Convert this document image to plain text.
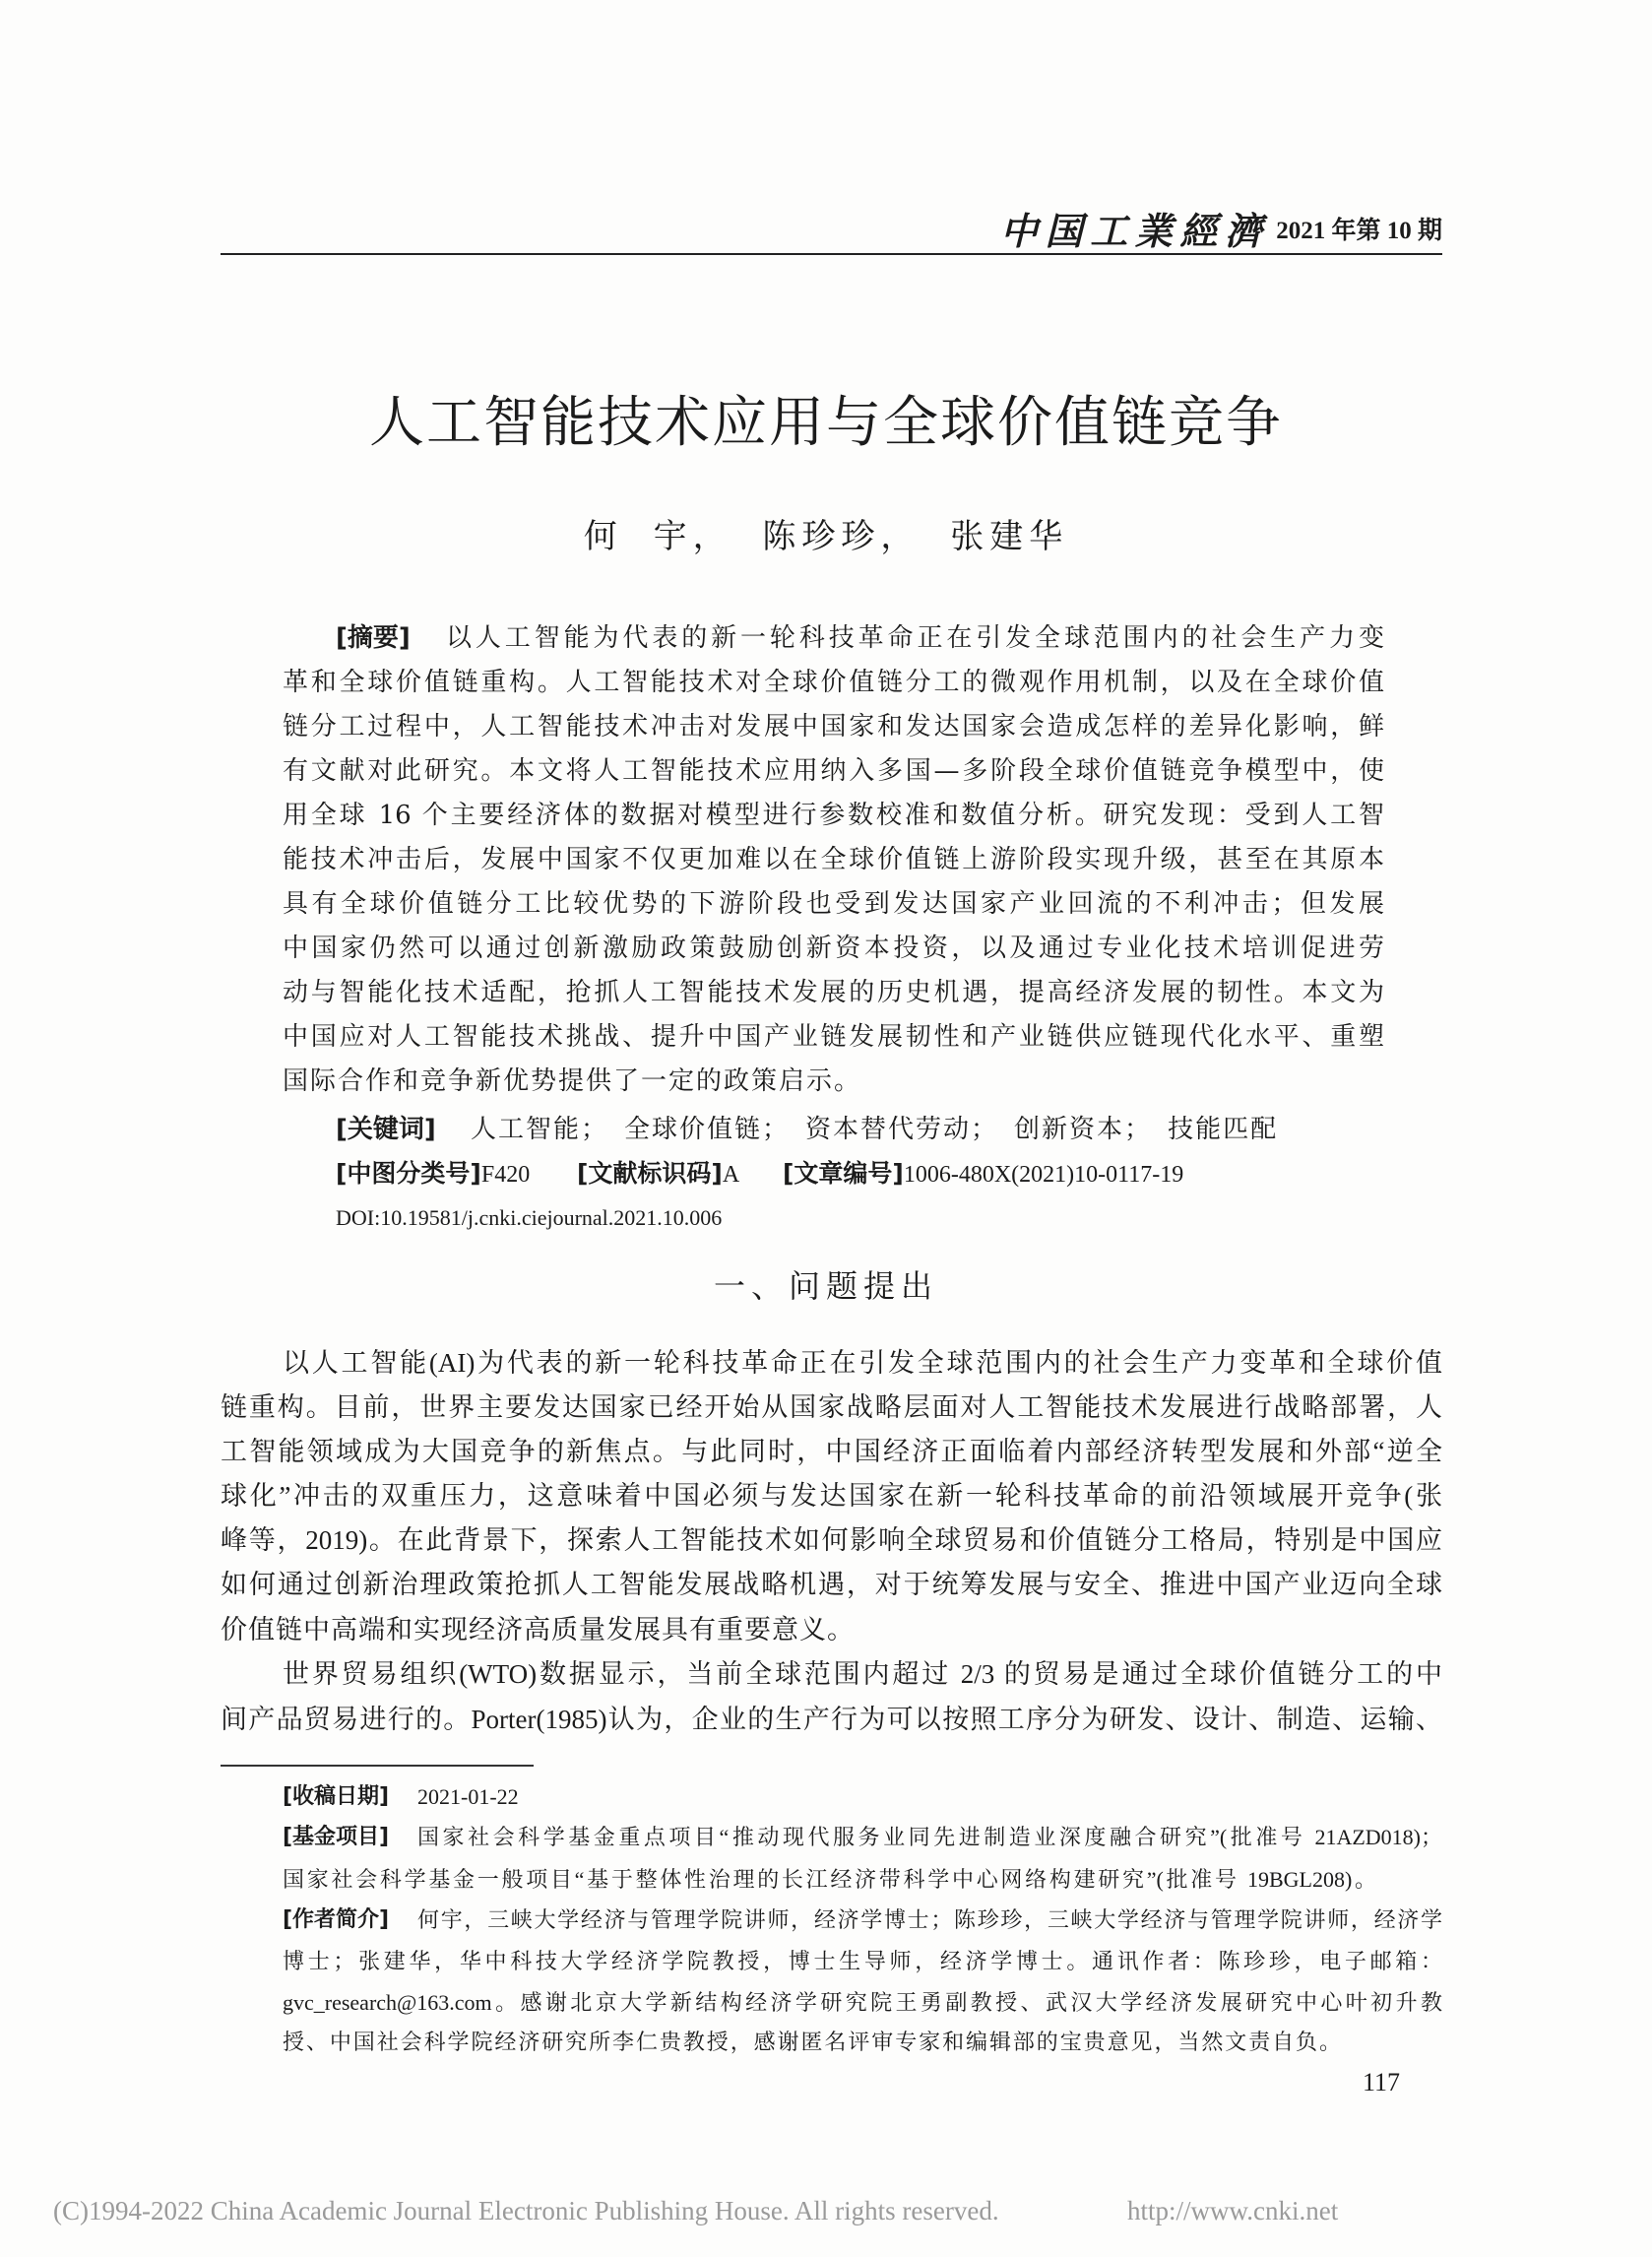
中国工業經濟 2021 年第 10 期
人工智能技术应用与全球价值链竞争
何 宇， 陈珍珍， 张建华
[摘要] 以人工智能为代表的新一轮科技革命正在引发全球范围内的社会生产力变
革和全球价值链重构。人工智能技术对全球价值链分工的微观作用机制，以及在全球价值
链分工过程中，人工智能技术冲击对发展中国家和发达国家会造成怎样的差异化影响，鲜
有文献对此研究。本文将人工智能技术应用纳入多国—多阶段全球价值链竞争模型中，使
用全球 16 个主要经济体的数据对模型进行参数校准和数值分析。研究发现：受到人工智
能技术冲击后，发展中国家不仅更加难以在全球价值链上游阶段实现升级，甚至在其原本
具有全球价值链分工比较优势的下游阶段也受到发达国家产业回流的不利冲击；但发展
中国家仍然可以通过创新激励政策鼓励创新资本投资，以及通过专业化技术培训促进劳
动与智能化技术适配，抢抓人工智能技术发展的历史机遇，提高经济发展的韧性。本文为
中国应对人工智能技术挑战、提升中国产业链发展韧性和产业链供应链现代化水平、重塑
国际合作和竞争新优势提供了一定的政策启示。
[关键词] 人工智能； 全球价值链； 资本替代劳动； 创新资本； 技能匹配
[中图分类号]F420 [文献标识码]A [文章编号]1006-480X(2021)10-0117-19
DOI:10.19581/j.cnki.ciejournal.2021.10.006
一、问题提出
以人工智能(AI)为代表的新一轮科技革命正在引发全球范围内的社会生产力变革和全球价值
链重构。目前，世界主要发达国家已经开始从国家战略层面对人工智能技术发展进行战略部署，人
工智能领域成为大国竞争的新焦点。与此同时，中国经济正面临着内部经济转型发展和外部“逆全
球化”冲击的双重压力，这意味着中国必须与发达国家在新一轮科技革命的前沿领域展开竞争(张
峰等，2019)。在此背景下，探索人工智能技术如何影响全球贸易和价值链分工格局，特别是中国应
如何通过创新治理政策抢抓人工智能发展战略机遇，对于统筹发展与安全、推进中国产业迈向全球
价值链中高端和实现经济高质量发展具有重要意义。
世界贸易组织(WTO)数据显示，当前全球范围内超过 2/3 的贸易是通过全球价值链分工的中
间产品贸易进行的。Porter(1985)认为，企业的生产行为可以按照工序分为研发、设计、制造、运输、
[收稿日期] 2021-01-22
[基金项目] 国家社会科学基金重点项目“推动现代服务业同先进制造业深度融合研究”(批准号 21AZD018)；
国家社会科学基金一般项目“基于整体性治理的长江经济带科学中心网络构建研究”(批准号 19BGL208)。
[作者简介] 何宇，三峡大学经济与管理学院讲师，经济学博士；陈珍珍，三峡大学经济与管理学院讲师，经济学
博士；张建华，华中科技大学经济学院教授，博士生导师，经济学博士。通讯作者：陈珍珍，电子邮箱：
gvc_research@163.com。感谢北京大学新结构经济学研究院王勇副教授、武汉大学经济发展研究中心叶初升教
授、中国社会科学院经济研究所李仁贵教授，感谢匿名评审专家和编辑部的宝贵意见，当然文责自负。
117
(C)1994-2022 China Academic Journal Electronic Publishing House. All rights reserved.	http://www.cnki.net
